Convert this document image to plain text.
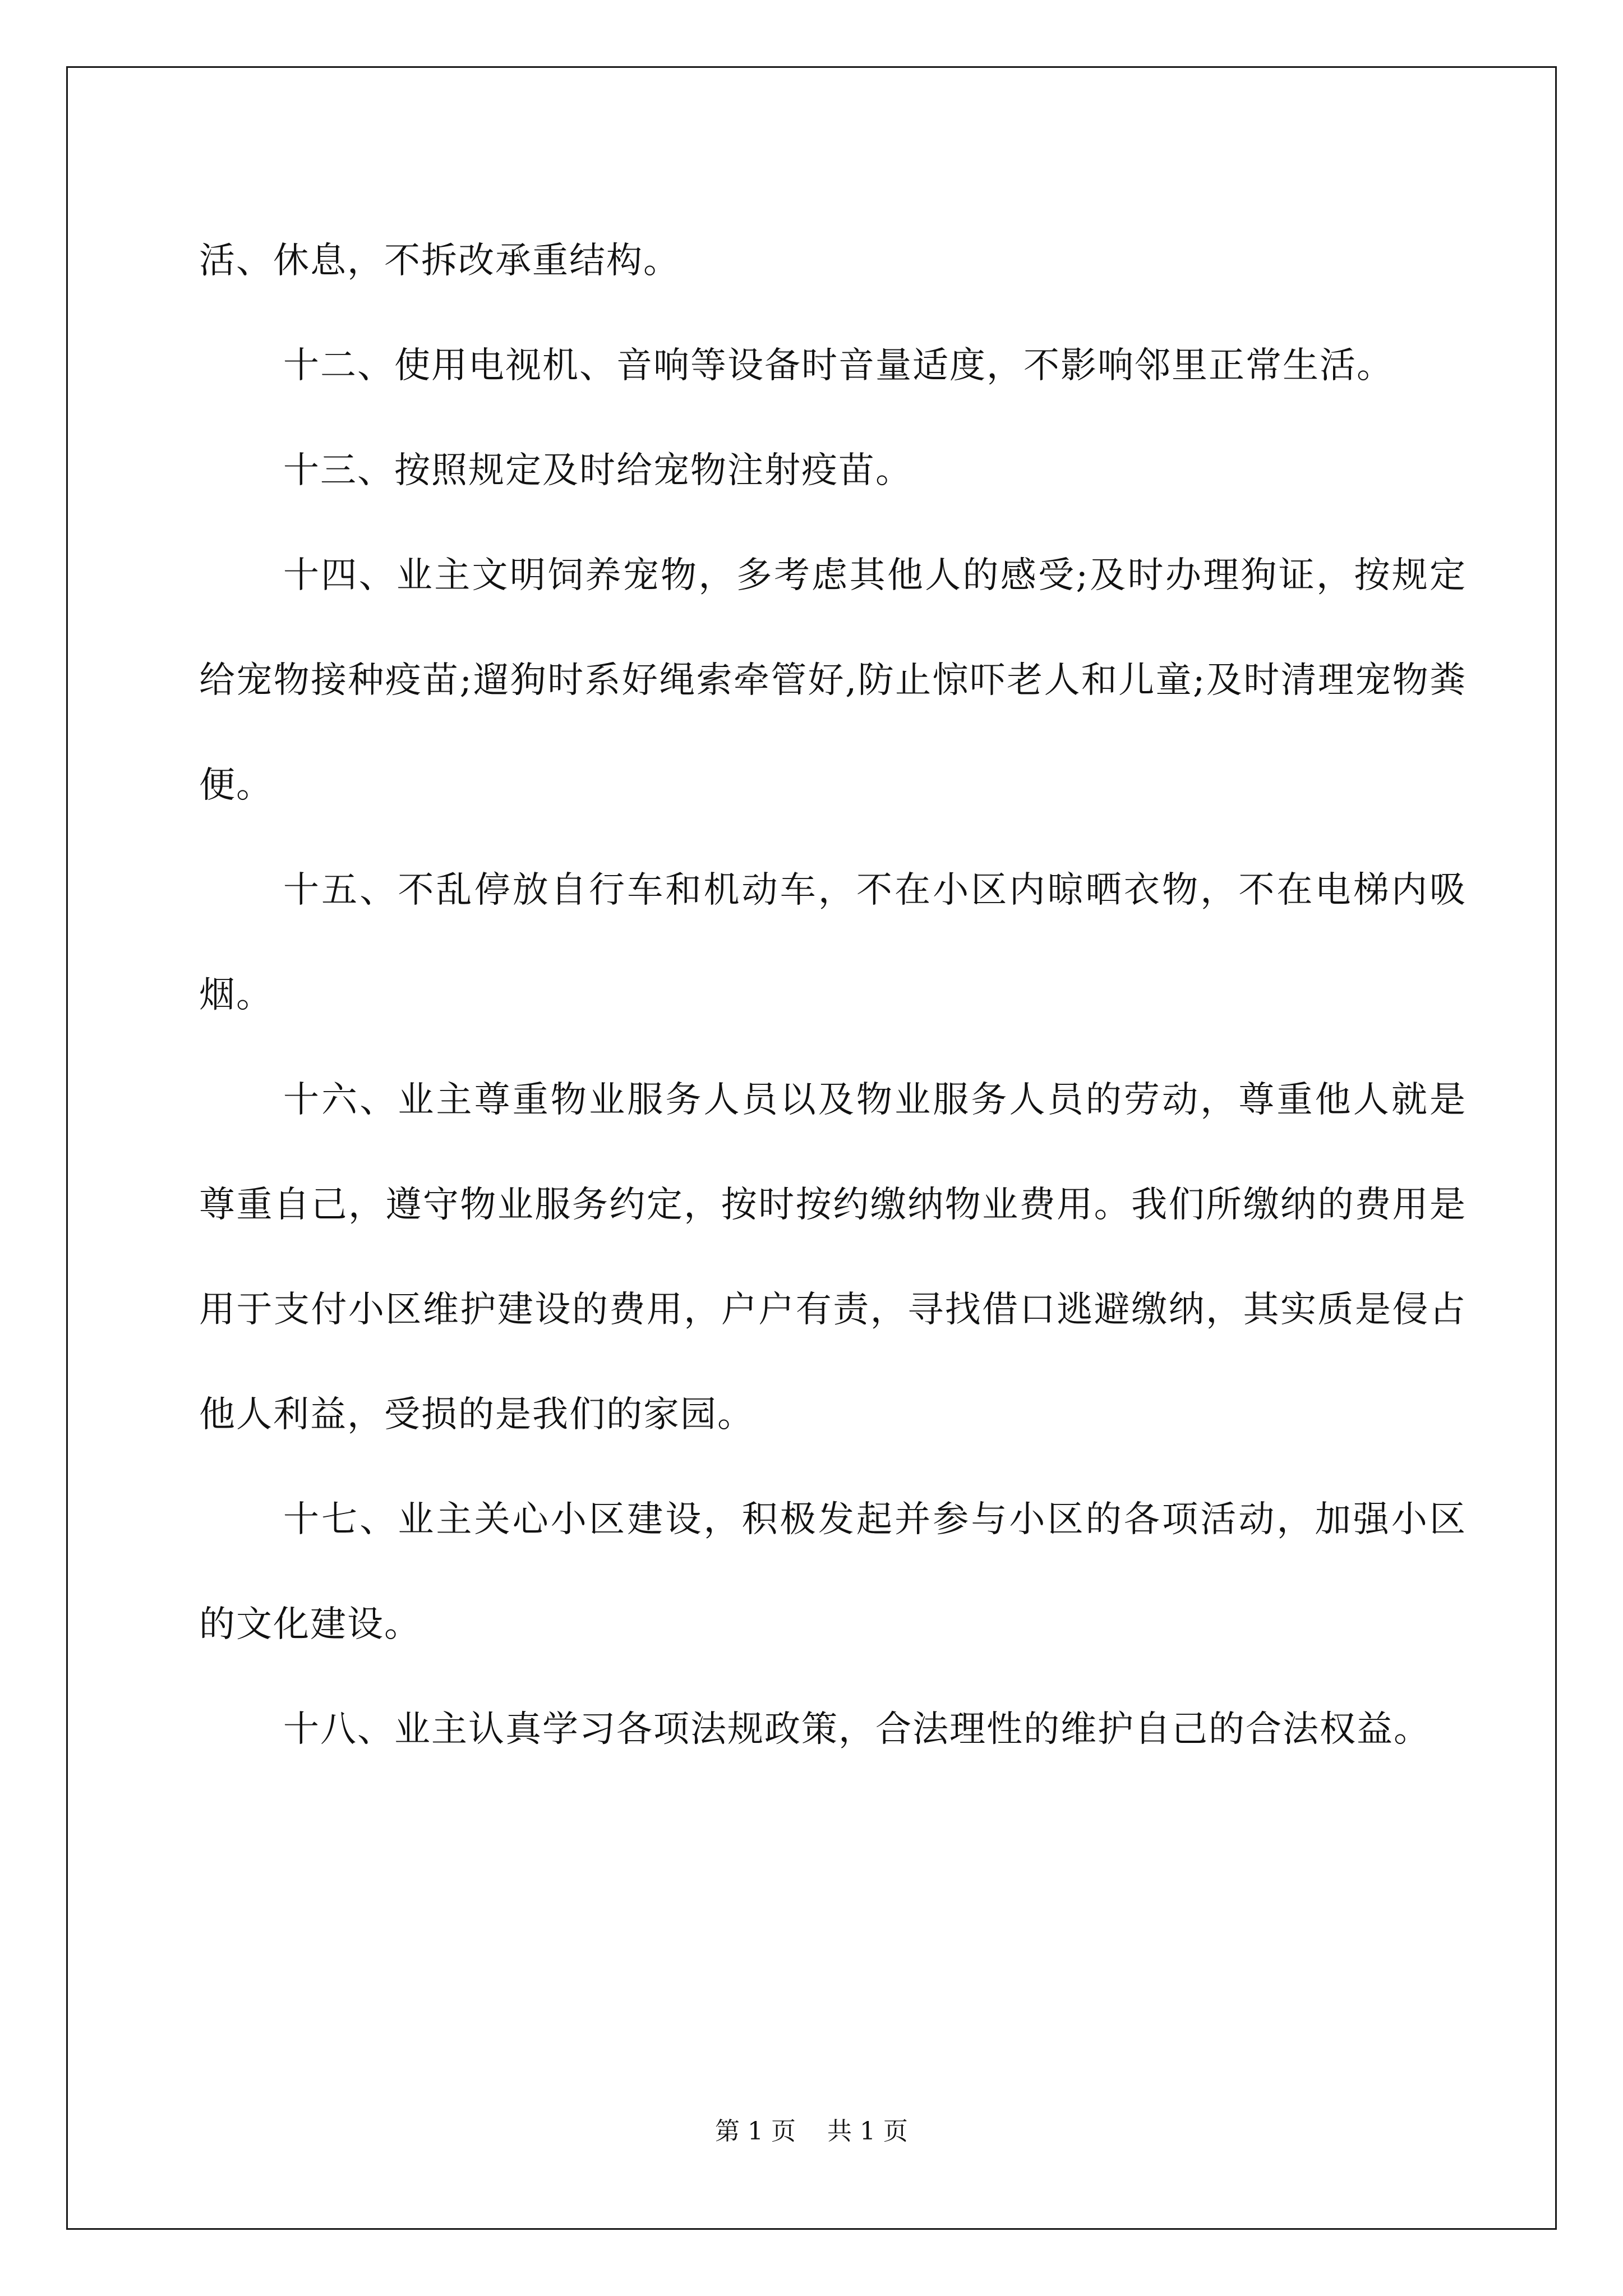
活、休息，不拆改承重结构。

十二、使用电视机、音响等设备时音量适度，不影响邻里正常生活。

十三、按照规定及时给宠物注射疫苗。

十四、业主文明饲养宠物，多考虑其他人的感受;及时办理狗证，按规定给宠物接种疫苗;遛狗时系好绳索牵管好,防止惊吓老人和儿童;及时清理宠物粪便。

十五、不乱停放自行车和机动车，不在小区内晾晒衣物，不在电梯内吸烟。

十六、业主尊重物业服务人员以及物业服务人员的劳动，尊重他人就是尊重自己，遵守物业服务约定，按时按约缴纳物业费用。我们所缴纳的费用是用于支付小区维护建设的费用，户户有责，寻找借口逃避缴纳，其实质是侵占他人利益，受损的是我们的家园。

十七、业主关心小区建设，积极发起并参与小区的各项活动，加强小区的文化建设。

十八、业主认真学习各项法规政策，合法理性的维护自己的合法权益。

第 1 页    共 1 页
